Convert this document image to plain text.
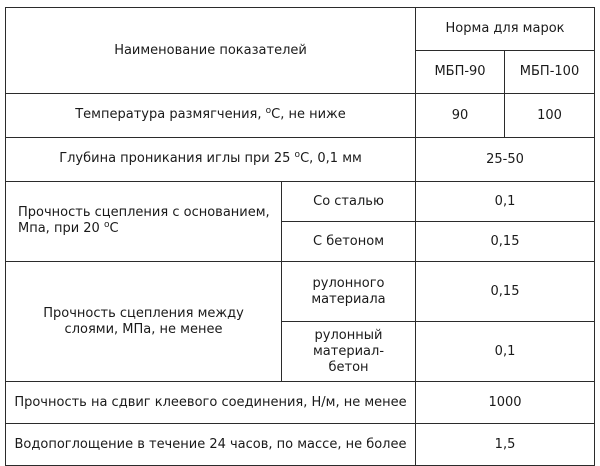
Наименование показателей		Норма для марок	
		МБП-90	МБП-100
Температура размягчения, $^о$С, не ниже		90	100
Глубина проникания иглы при 25 $^о$С, 0,1 мм		25-50	
Прочность сцепления с основанием, Мпа, при 20 $^о$С	Со сталью	0,1	
	С бетоном	0,15	
Прочность сцепления между слоями, МПа, не менее	рулонного материала	0,15	
	рулонный материал-бетон	0,1	
Прочность на сдвиг клеевого соединения, Н/м, не менее		1000	
Водопоглощение в течение 24 часов, по массе, не более		1,5	
